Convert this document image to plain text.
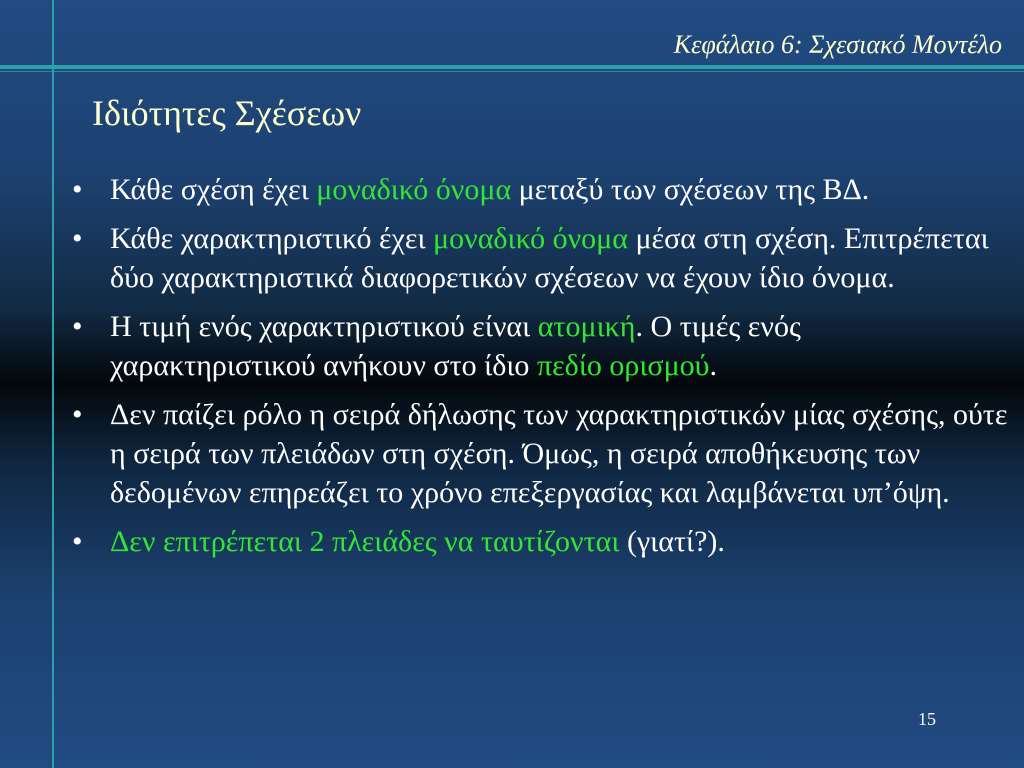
Κεφάλαιο 6: Σχεσιακό Μοντέλο
Ιδιότητες Σχέσεων
• Κάθε σχέση έχει μοναδικό όνομα μεταξύ των σχέσεων της ΒΔ.
• Κάθε χαρακτηριστικό έχει μοναδικό όνομα μέσα στη σχέση. Επιτρέπεται δύο χαρακτηριστικά διαφορετικών σχέσεων να έχουν ίδιο όνομα.
• Η τιμή ενός χαρακτηριστικού είναι ατομική. Ο τιμές ενός χαρακτηριστικού ανήκουν στο ίδιο πεδίο ορισμού.
• Δεν παίζει ρόλο η σειρά δήλωσης των χαρακτηριστικών μίας σχέσης, ούτε η σειρά των πλειάδων στη σχέση. Όμως, η σειρά αποθήκευσης των δεδομένων επηρεάζει το χρόνο επεξεργασίας και λαμβάνεται υπ’όψη.
• Δεν επιτρέπεται 2 πλειάδες να ταυτίζονται (γιατί?).
15
